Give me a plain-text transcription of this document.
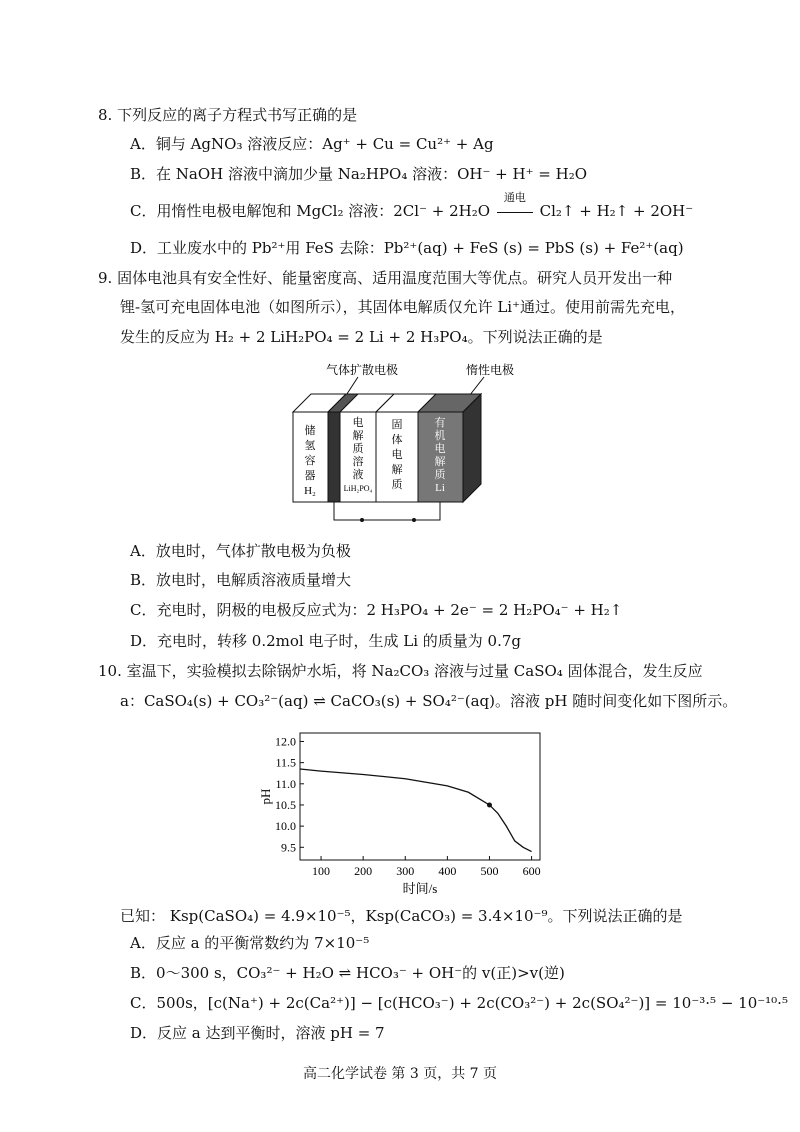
8. 下列反应的离子方程式书写正确的是
A．铜与 AgNO₃ 溶液反应：Ag⁺ + Cu = Cu²⁺ + Ag
B．在 NaOH 溶液中滴加少量 Na₂HPO₄ 溶液：OH⁻ + H⁺ = H₂O
C．用惰性电极电解饱和 MgCl₂ 溶液：2Cl⁻ + 2H₂O
通电
Cl₂↑ + H₂↑ + 2OH⁻
D．工业废水中的 Pb²⁺用 FeS 去除：Pb²⁺(aq) + FeS (s) = PbS (s) + Fe²⁺(aq)
9. 固体电池具有安全性好、能量密度高、适用温度范围大等优点。研究人员开发出一种
锂-氢可充电固体电池（如图所示），其固体电解质仅允许 Li⁺通过。使用前需先充电，
发生的反应为 H₂ + 2 LiH₂PO₄ = 2 Li + 2 H₃PO₄。下列说法正确的是
气体扩散电极	惰性电极
储
氢
容
器
H₂
电
解
质
溶
液
LiH₂PO₄
固
体
电
解
质
有
机
电
解
质
Li
A．放电时，气体扩散电极为负极
B．放电时，电解质溶液质量增大
C．充电时，阴极的电极反应式为：2 H₃PO₄ + 2e⁻ = 2 H₂PO₄⁻ + H₂↑
D．充电时，转移 0.2mol 电子时，生成 Li 的质量为 0.7g
10. 室温下，实验模拟去除锅炉水垢，将 Na₂CO₃ 溶液与过量 CaSO₄ 固体混合，发生反应
a：CaSO₄(s) + CO₃²⁻(aq) ⇌ CaCO₃(s) + SO₄²⁻(aq)。溶液 pH 随时间变化如下图所示。
100 200 300 400 500 600
12.0
11.5
11.0
10.5
10.0
9.5
时间/s
pH
已知： Ksp(CaSO₄) = 4.9×10⁻⁵，Ksp(CaCO₃) = 3.4×10⁻⁹。下列说法正确的是
A．反应 a 的平衡常数约为 7×10⁻⁵
B．0～300 s，CO₃²⁻ + H₂O ⇌ HCO₃⁻ + OH⁻的 v(正)>v(逆)
C．500s，[c(Na⁺) + 2c(Ca²⁺)] − [c(HCO₃⁻) + 2c(CO₃²⁻) + 2c(SO₄²⁻)] = 10⁻³·⁵ − 10⁻¹⁰·⁵
D．反应 a 达到平衡时，溶液 pH = 7
高二化学试卷 第 3 页，共 7 页
